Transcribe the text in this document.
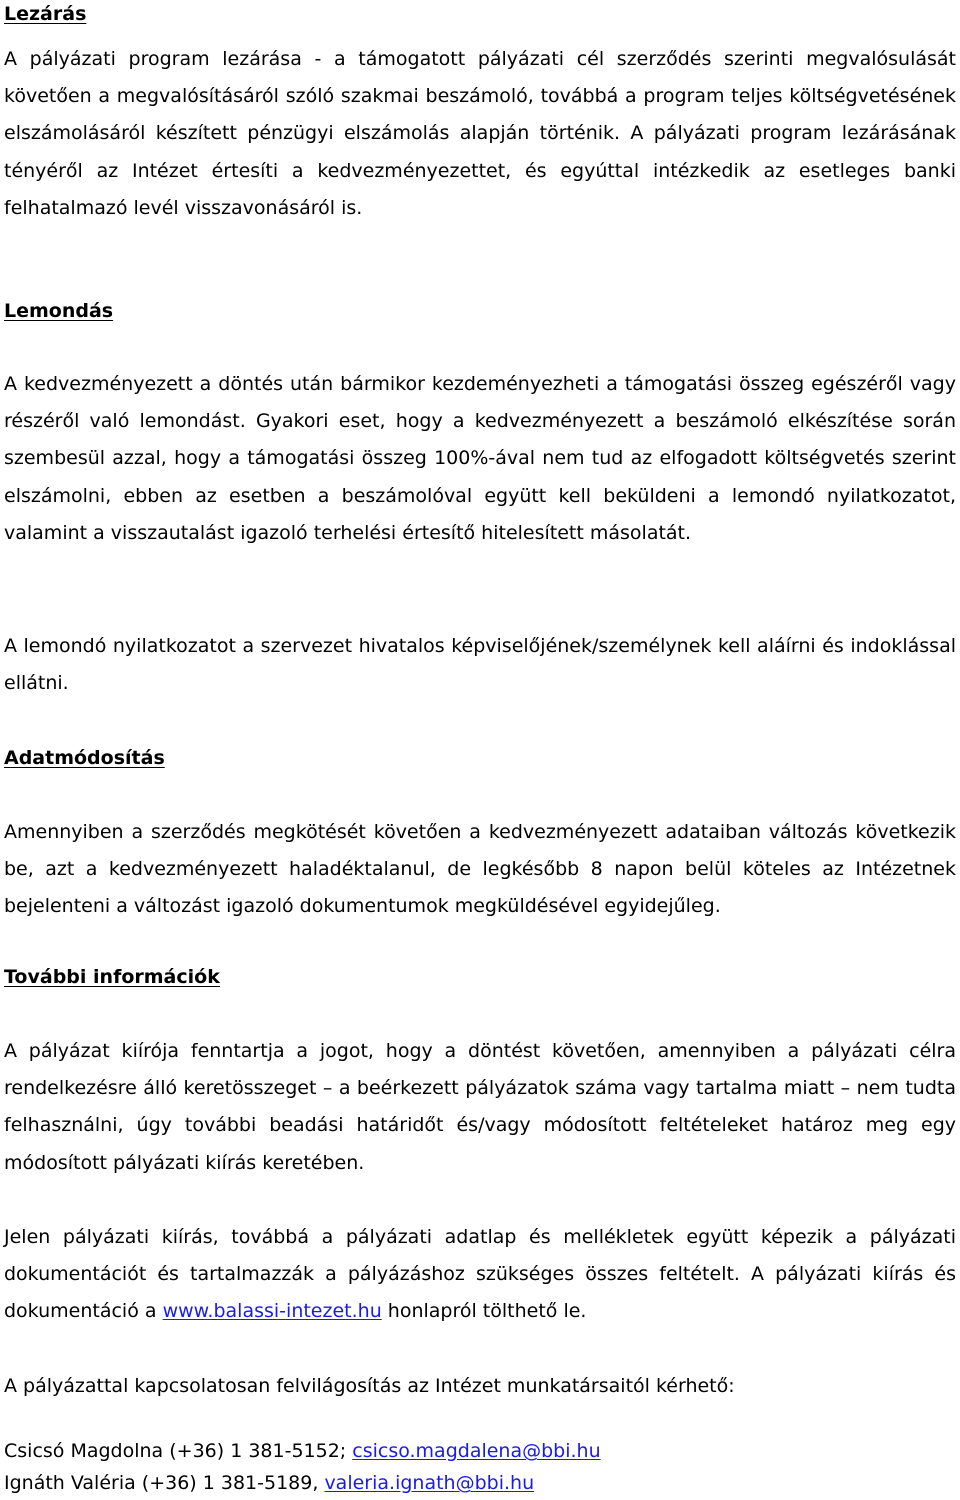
Lezárás

A pályázati program lezárása - a támogatott pályázati cél szerződés szerinti megvalósulását követően a megvalósításáról szóló szakmai beszámoló, továbbá a program teljes költségvetésének elszámolásáról készített pénzügyi elszámolás alapján történik. A pályázati program lezárásának tényéről az Intézet értesíti a kedvezményezettet, és egyúttal intézkedik az esetleges banki felhatalmazó levél visszavonásáról is.

Lemondás

A kedvezményezett a döntés után bármikor kezdeményezheti a támogatási összeg egészéről vagy részéről való lemondást. Gyakori eset, hogy a kedvezményezett a beszámoló elkészítése során szembesül azzal, hogy a támogatási összeg 100%-ával nem tud az elfogadott költségvetés szerint elszámolni, ebben az esetben a beszámolóval együtt kell beküldeni a lemondó nyilatkozatot, valamint a visszautalást igazoló terhelési értesítő hitelesített másolatát.

A lemondó nyilatkozatot a szervezet hivatalos képviselőjének/személynek kell aláírni és indoklással ellátni.

Adatmódosítás

Amennyiben a szerződés megkötését követően a kedvezményezett adataiban változás következik be, azt a kedvezményezett haladéktalanul, de legkésőbb 8 napon belül köteles az Intézetnek bejelenteni a változást igazoló dokumentumok megküldésével egyidejűleg.

További információk

A pályázat kiírója fenntartja a jogot, hogy a döntést követően, amennyiben a pályázati célra rendelkezésre álló keretösszeget – a beérkezett pályázatok száma vagy tartalma miatt – nem tudta felhasználni, úgy további beadási határidőt és/vagy módosított feltételeket határoz meg egy módosított pályázati kiírás keretében.

Jelen pályázati kiírás, továbbá a pályázati adatlap és mellékletek együtt képezik a pályázati dokumentációt és tartalmazzák a pályázáshoz szükséges összes feltételt. A pályázati kiírás és dokumentáció a www.balassi-intezet.hu honlapról tölthető le.

A pályázattal kapcsolatosan felvilágosítás az Intézet munkatársaitól kérhető:

Csicsó Magdolna (+36) 1 381-5152; csicso.magdalena@bbi.hu

Ignáth Valéria (+36) 1 381-5189, valeria.ignath@bbi.hu
